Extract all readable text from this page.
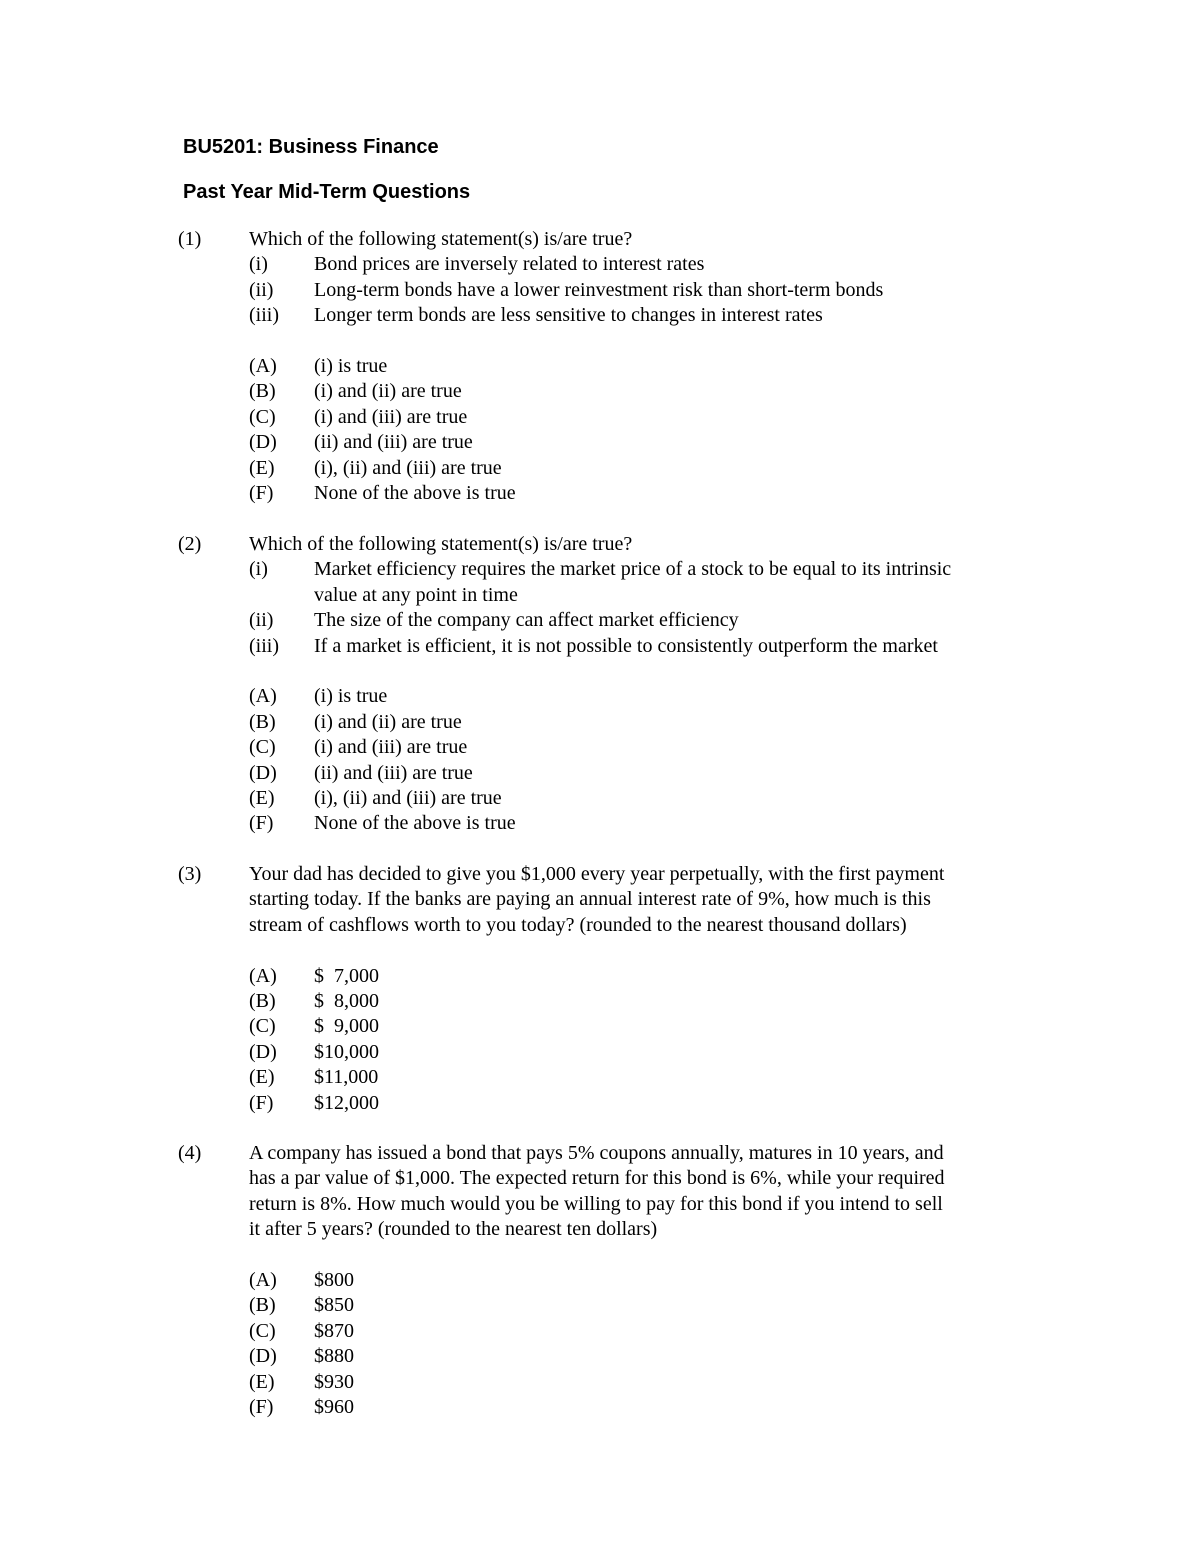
BU5201: Business Finance
Past Year Mid-Term Questions
(1) Which of the following statement(s) is/are true?
(i) Bond prices are inversely related to interest rates
(ii) Long-term bonds have a lower reinvestment risk than short-term bonds
(iii) Longer term bonds are less sensitive to changes in interest rates
(A) (i) is true
(B) (i) and (ii) are true
(C) (i) and (iii) are true
(D) (ii) and (iii) are true
(E) (i), (ii) and (iii) are true
(F) None of the above is true
(2) Which of the following statement(s) is/are true?
(i) Market efficiency requires the market price of a stock to be equal to its intrinsic
value at any point in time
(ii) The size of the company can affect market efficiency
(iii) If a market is efficient, it is not possible to consistently outperform the market
(A) (i) is true
(B) (i) and (ii) are true
(C) (i) and (iii) are true
(D) (ii) and (iii) are true
(E) (i), (ii) and (iii) are true
(F) None of the above is true
(3) Your dad has decided to give you $1,000 every year perpetually, with the first payment
starting today. If the banks are paying an annual interest rate of 9%, how much is this
stream of cashflows worth to you today? (rounded to the nearest thousand dollars)
(A) $  7,000
(B) $  8,000
(C) $  9,000
(D) $10,000
(E) $11,000
(F) $12,000
(4) A company has issued a bond that pays 5% coupons annually, matures in 10 years, and
has a par value of $1,000. The expected return for this bond is 6%, while your required
return is 8%. How much would you be willing to pay for this bond if you intend to sell
it after 5 years? (rounded to the nearest ten dollars)
(A) $800
(B) $850
(C) $870
(D) $880
(E) $930
(F) $960
